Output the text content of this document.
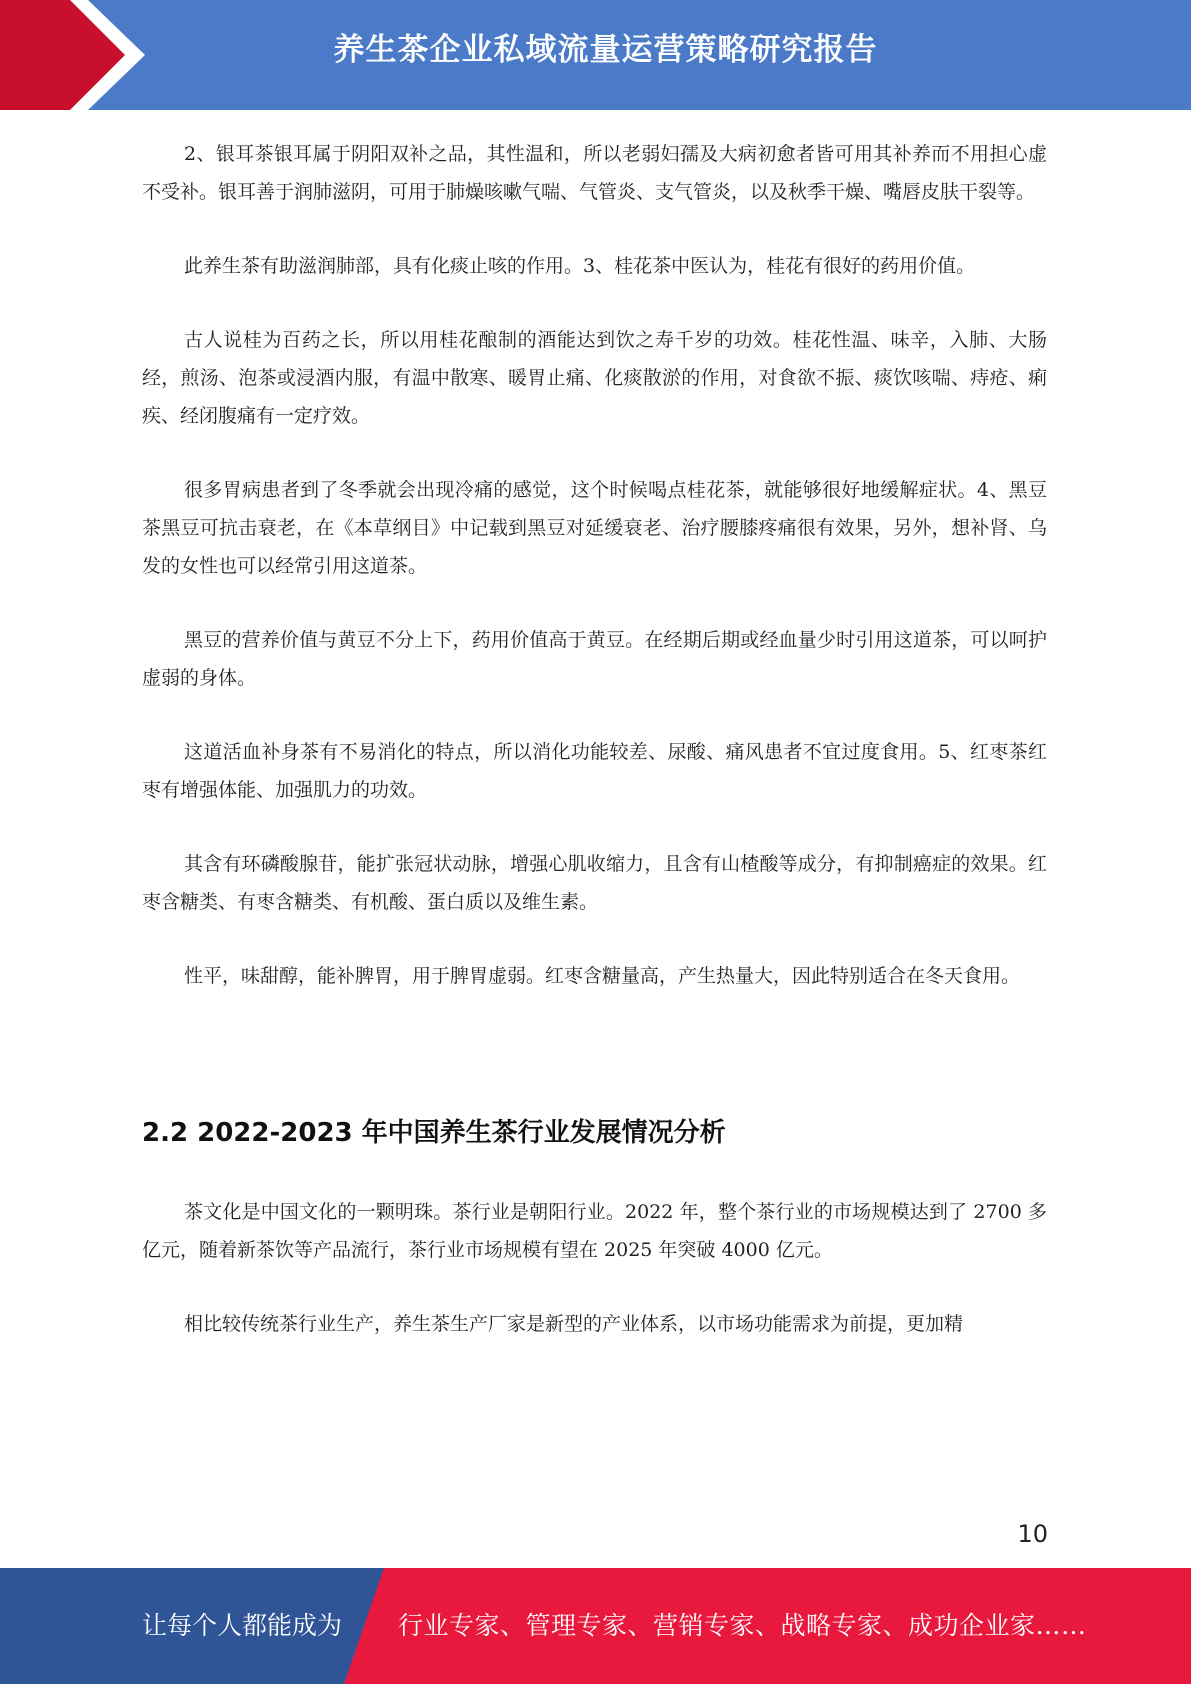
养生茶企业私域流量运营策略研究报告

2、银耳茶银耳属于阴阳双补之品，其性温和，所以老弱妇孺及大病初愈者皆可用其补养而不用担心虚不受补。银耳善于润肺滋阴，可用于肺燥咳嗽气喘、气管炎、支气管炎，以及秋季干燥、嘴唇皮肤干裂等。

此养生茶有助滋润肺部，具有化痰止咳的作用。3、桂花茶中医认为，桂花有很好的药用价值。

古人说桂为百药之长，所以用桂花酿制的酒能达到饮之寿千岁的功效。桂花性温、味辛，入肺、大肠经，煎汤、泡茶或浸酒内服，有温中散寒、暖胃止痛、化痰散淤的作用，对食欲不振、痰饮咳喘、痔疮、痢疾、经闭腹痛有一定疗效。

很多胃病患者到了冬季就会出现冷痛的感觉，这个时候喝点桂花茶，就能够很好地缓解症状。4、黑豆茶黑豆可抗击衰老，在《本草纲目》中记载到黑豆对延缓衰老、治疗腰膝疼痛很有效果，另外，想补肾、乌发的女性也可以经常引用这道茶。

黑豆的营养价值与黄豆不分上下，药用价值高于黄豆。在经期后期或经血量少时引用这道茶，可以呵护虚弱的身体。

这道活血补身茶有不易消化的特点，所以消化功能较差、尿酸、痛风患者不宜过度食用。5、红枣茶红枣有增强体能、加强肌力的功效。

其含有环磷酸腺苷，能扩张冠状动脉，增强心肌收缩力，且含有山楂酸等成分，有抑制癌症的效果。红枣含糖类、有枣含糖类、有机酸、蛋白质以及维生素。

性平，味甜醇，能补脾胃，用于脾胃虚弱。红枣含糖量高，产生热量大，因此特别适合在冬天食用。

2.2 2022-2023 年中国养生茶行业发展情况分析

茶文化是中国文化的一颗明珠。茶行业是朝阳行业。2022 年，整个茶行业的市场规模达到了 2700 多亿元，随着新茶饮等产品流行，茶行业市场规模有望在 2025 年突破 4000 亿元。

相比较传统茶行业生产，养生茶生产厂家是新型的产业体系，以市场功能需求为前提，更加精

10
让每个人都能成为 行业专家、管理专家、营销专家、战略专家、成功企业家……
